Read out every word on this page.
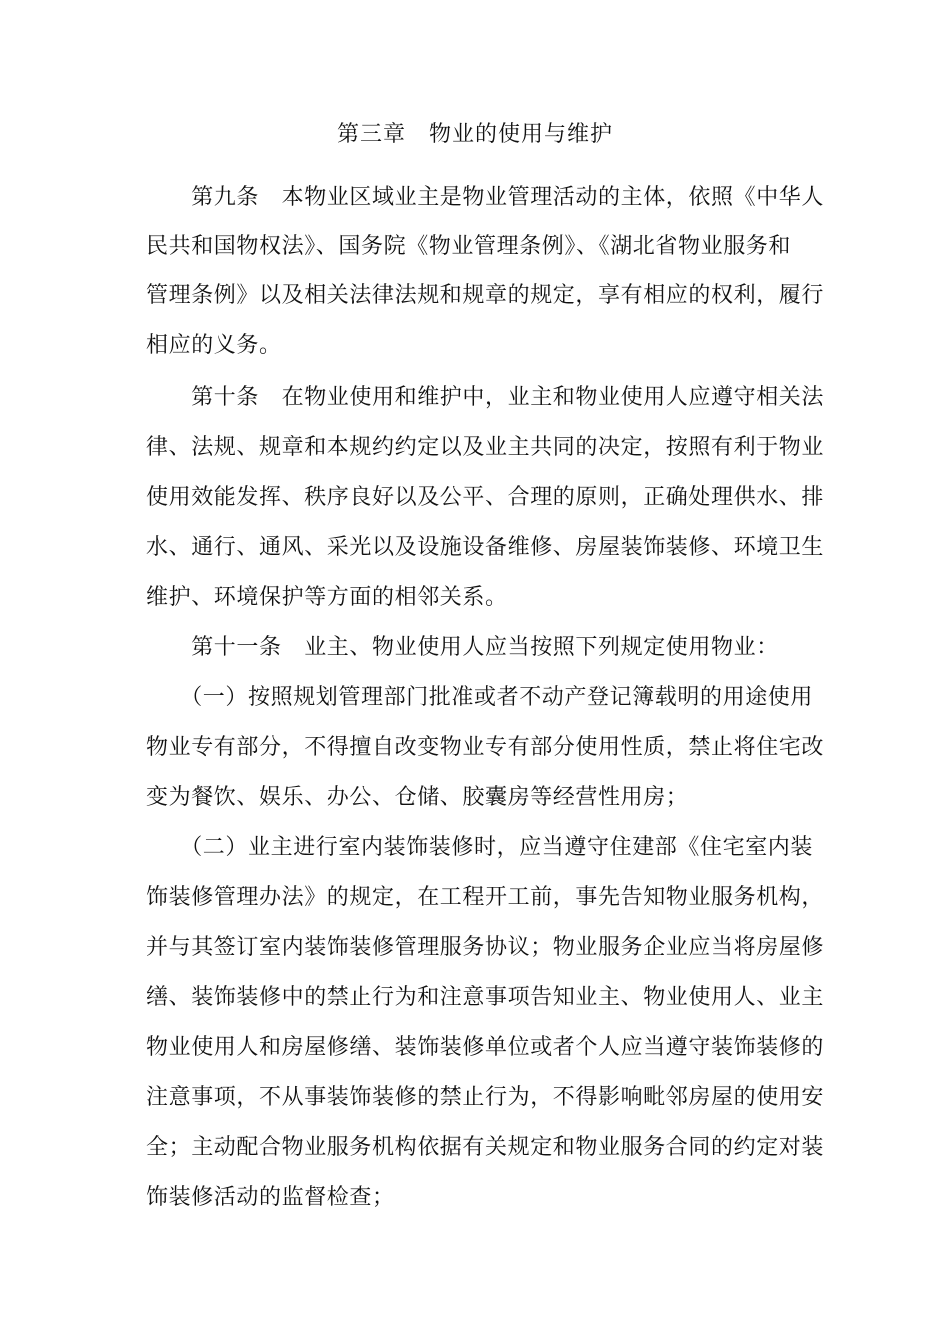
第三章　物业的使用与维护
　　第九条　本物业区域业主是物业管理活动的主体，依照《中华人
民共和国物权法》、国务院《物业管理条例》、《湖北省物业服务和
管理条例》以及相关法律法规和规章的规定，享有相应的权利，履行
相应的义务。
　　第十条　在物业使用和维护中，业主和物业使用人应遵守相关法
律、法规、规章和本规约约定以及业主共同的决定，按照有利于物业
使用效能发挥、秩序良好以及公平、合理的原则，正确处理供水、排
水、通行、通风、采光以及设施设备维修、房屋装饰装修、环境卫生
维护、环境保护等方面的相邻关系。
　　第十一条　业主、物业使用人应当按照下列规定使用物业：
　　（一）按照规划管理部门批准或者不动产登记簿载明的用途使用
物业专有部分，不得擅自改变物业专有部分使用性质，禁止将住宅改
变为餐饮、娱乐、办公、仓储、胶囊房等经营性用房；
　　（二）业主进行室内装饰装修时，应当遵守住建部《住宅室内装
饰装修管理办法》的规定，在工程开工前，事先告知物业服务机构，
并与其签订室内装饰装修管理服务协议；物业服务企业应当将房屋修
缮、装饰装修中的禁止行为和注意事项告知业主、物业使用人、业主
物业使用人和房屋修缮、装饰装修单位或者个人应当遵守装饰装修的
注意事项，不从事装饰装修的禁止行为，不得影响毗邻房屋的使用安
全；主动配合物业服务机构依据有关规定和物业服务合同的约定对装
饰装修活动的监督检查；
